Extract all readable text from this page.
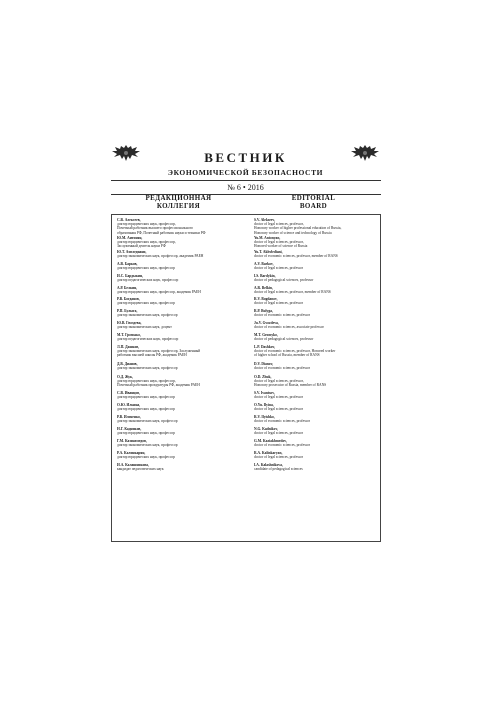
ВЕСТНИК
ЭКОНОМИЧЕСКОЙ БЕЗОПАСНОСТИ
№ 6 • 2016
РЕДАКЦИОННАЯ
КОЛЛЕГИЯ
EDITORIAL
BOARD
С.В. Алексеев,
доктор юридических наук, профессор,
Почетный работник высшего профессионального
образования РФ, Почетный работник науки и техники РФ
Ю.М. Антонян,
доктор юридических наук, профессор,
Заслуженный деятель науки РФ
Ю.Т. Ахвледиани,
доктор экономических наук, профессор, академик РАЕН
А.В. Барков,
доктор юридических наук, профессор
И.С. Бардыкин,
доктор педагогических наук, профессор
А.Р. Белкин,
доктор юридических наук, профессор, академик РАЕН
Р.В. Богданов,
доктор юридических наук, профессор
Р.П. Булыга,
доктор экономических наук, профессор
Ю.В. Гвоздева,
доктор экономических наук, доцент
М.Т. Громыко,
доктор педагогических наук, профессор
Л.П. Дашков,
доктор экономических наук, профессор, Заслуженный
работник высшей школы РФ, академик РАЕН
Д.В. Дианов,
доктор экономических наук, профессор
О.Д. Жук,
доктор юридических наук, профессор,
Почетный работник прокуратуры РФ, академик РАЕН
С.В. Иванцов,
доктор юридических наук, профессор
О.Ю. Ильина,
доктор юридических наук, профессор
Р.В. Ильченко,
доктор экономических наук, профессор
Н.Г. Кадников,
доктор юридических наук, профессор
Г.М. Казиахмедов,
доктор экономических наук, профессор
Р.А. Калинкарян,
доктор юридических наук, профессор
И.А. Калашникова,
кандидат педагогических наук
S.V. Alekseev,
doctor of legal sciences, professor,
Honorary worker of higher professional education of Russia,
Honorary worker of science and technology of Russia
Yu.M. Antonyan,
doctor of legal sciences, professor,
Honored worker of science of Russia
Yu.T. Akhvlediani,
doctor of economic sciences, professor, member of RANS
A.V. Barkov,
doctor of legal sciences, professor
I.S. Bardykin,
doctor of pedagogical sciences, professor
A.R. Belkin,
doctor of legal sciences, professor, member of RANS
R.V. Bogdanov,
doctor of legal sciences, professor
R.P. Bulyga,
doctor of economic sciences, professor
Ju.V. Gvozdeva,
doctor of economic sciences, associate professor
M.T. Gromyko,
doctor of pedagogical sciences, professor
L.P. Dashkov,
doctor of economic sciences, professor, Honored worker
of higher school of Russia, member of RANS
D.V. Dianov,
doctor of economic sciences, professor
O.D. Zhuk,
doctor of legal sciences, professor,
Honorary prosecutor of Russia, member of RANS
S.V. Ivantsov,
doctor of legal sciences, professor
O.Yu. Ilyina,
doctor of legal sciences, professor
R.V. Ilyishko,
doctor of economic sciences, professor
N.G. Kadnikov,
doctor of legal sciences, professor
G.M. Kaziakhmedov,
doctor of economic sciences, professor
R.A. Kalinkaryan,
doctor of legal sciences, professor
I.A. Kalashnikova,
candidate of pedagogical sciences
